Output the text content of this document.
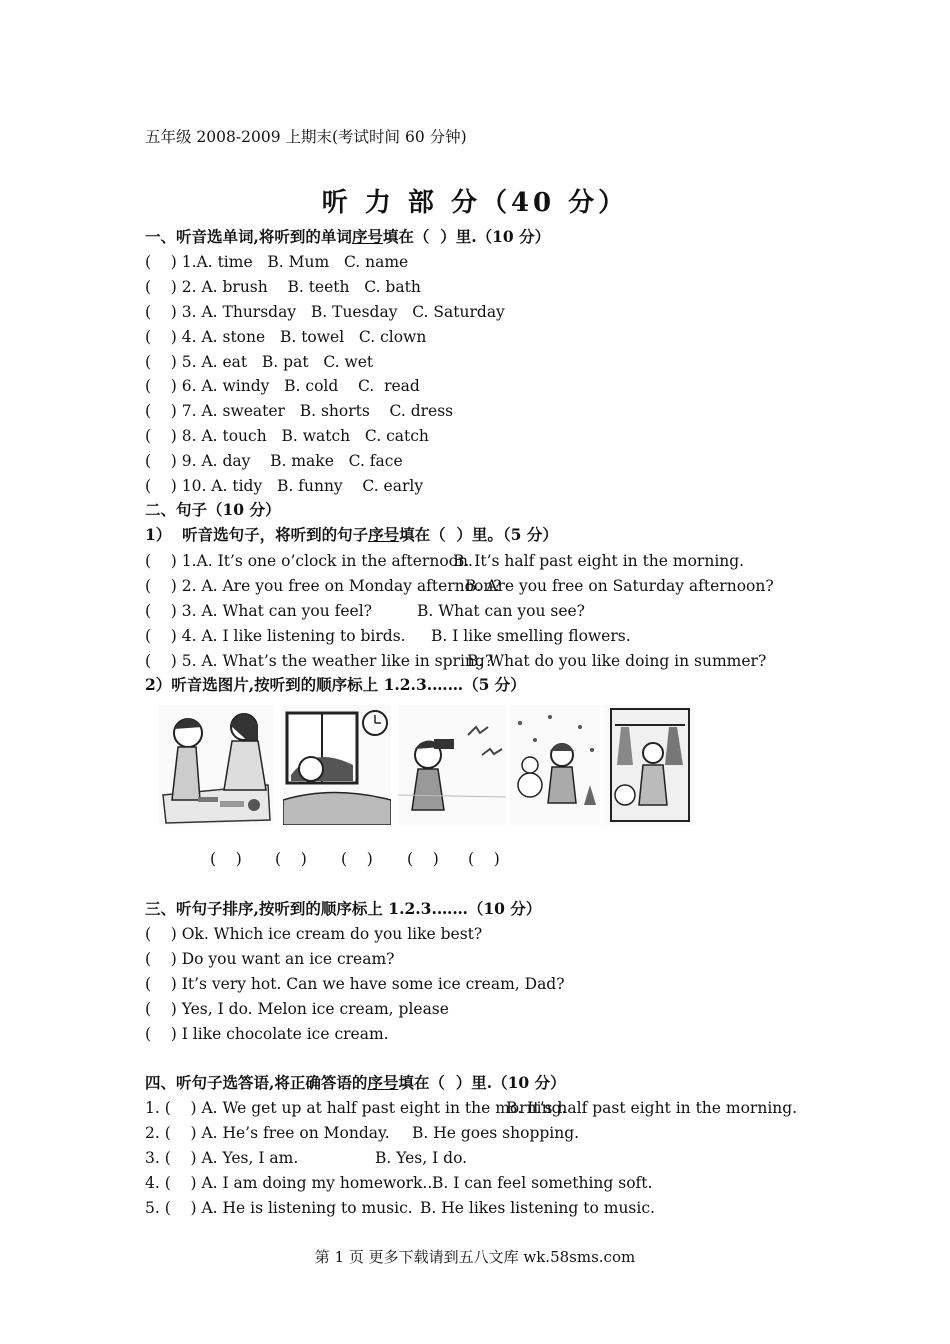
五年级 2008-2009 上期末(考试时间 60 分钟)
听 力 部 分（40 分）
一、听音选单词,将听到的单词序号填在（  ）里.（10 分）
(    ) 1.A. time   B. Mum   C. name
(    ) 2. A. brush    B. teeth   C. bath
(    ) 3. A. Thursday   B. Tuesday   C. Saturday
(    ) 4. A. stone   B. towel   C. clown
(    ) 5. A. eat   B. pat   C. wet
(    ) 6. A. windy   B. cold    C.  read
(    ) 7. A. sweater   B. shorts    C. dress
(    ) 8. A. touch   B. watch   C. catch
(    ) 9. A. day    B. make   C. face
(    ) 10. A. tidy   B. funny    C. early
二、句子（10 分）
1）  听音选句子，将听到的句子序号填在（  ）里。（5 分）
(    ) 1.A. It’s one o’clock in the afternoon.
B. It’s half past eight in the morning.
(    ) 2. A. Are you free on Monday afternoon?
B. Are you free on Saturday afternoon?
(    ) 3. A. What can you feel?	B. What can you see?
(    ) 4. A. I like listening to birds. B. I like smelling flowers.
(    ) 5. A. What’s the weather like in spring?
B. What do you like doing in summer?
2）听音选图片,按听到的顺序标上 1.2.3.……（5 分）
(    ) (    ) (    ) (    ) (    )
三、听句子排序,按听到的顺序标上 1.2.3.……（10 分）
(    ) Ok. Which ice cream do you like best?
(    ) Do you want an ice cream?
(    ) It’s very hot. Can we have some ice cream, Dad?
(    ) Yes, I do. Melon ice cream, please
(    ) I like chocolate ice cream.
四、听句子选答语,将正确答语的序号填在（  ）里.（10 分）
1. (    ) A. We get up at half past eight in the morning.
B. It’s half past eight in the morning.
2. (    ) A. He’s free on Monday. B. He goes shopping.
3. (    ) A. Yes, I am.	B. Yes, I do.
4. (    ) A. I am doing my homework.. B. I can feel something soft.
5. (    ) A. He is listening to music. B. He likes listening to music.
第 1 页 更多下载请到五八文库 wk.58sms.com
